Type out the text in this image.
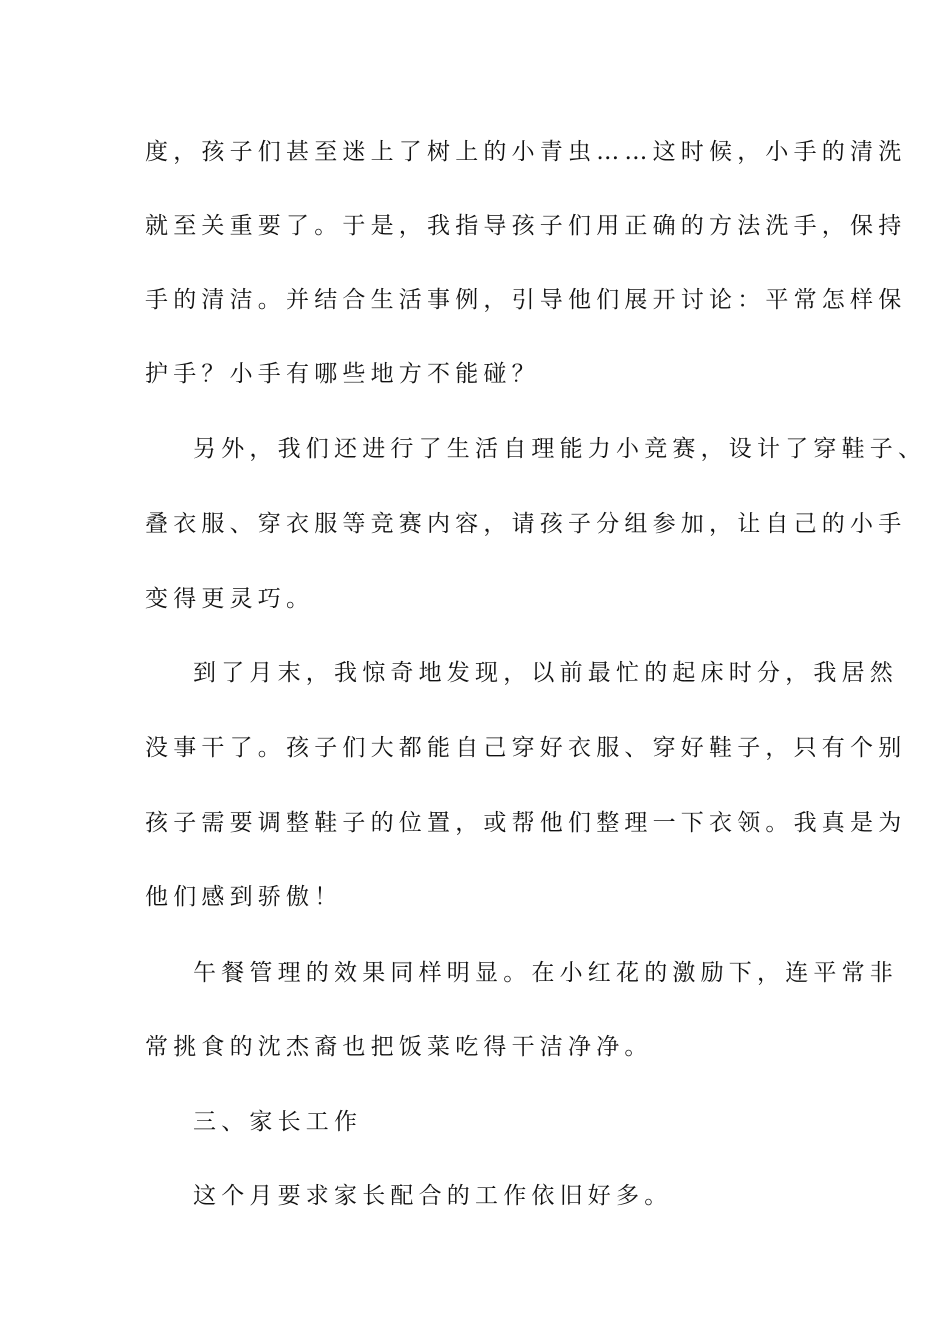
度，孩子们甚至迷上了树上的小青虫……这时候，小手的清洗
就至关重要了。于是，我指导孩子们用正确的方法洗手，保持
手的清洁。并结合生活事例，引导他们展开讨论：平常怎样保
护手？小手有哪些地方不能碰？
另外，我们还进行了生活自理能力小竞赛，设计了穿鞋子、
叠衣服、穿衣服等竞赛内容，请孩子分组参加，让自己的小手
变得更灵巧。
到了月末，我惊奇地发现，以前最忙的起床时分，我居然
没事干了。孩子们大都能自己穿好衣服、穿好鞋子，只有个别
孩子需要调整鞋子的位置，或帮他们整理一下衣领。我真是为
他们感到骄傲！
午餐管理的效果同样明显。在小红花的激励下，连平常非
常挑食的沈杰裔也把饭菜吃得干洁净净。
三、家长工作
这个月要求家长配合的工作依旧好多。
